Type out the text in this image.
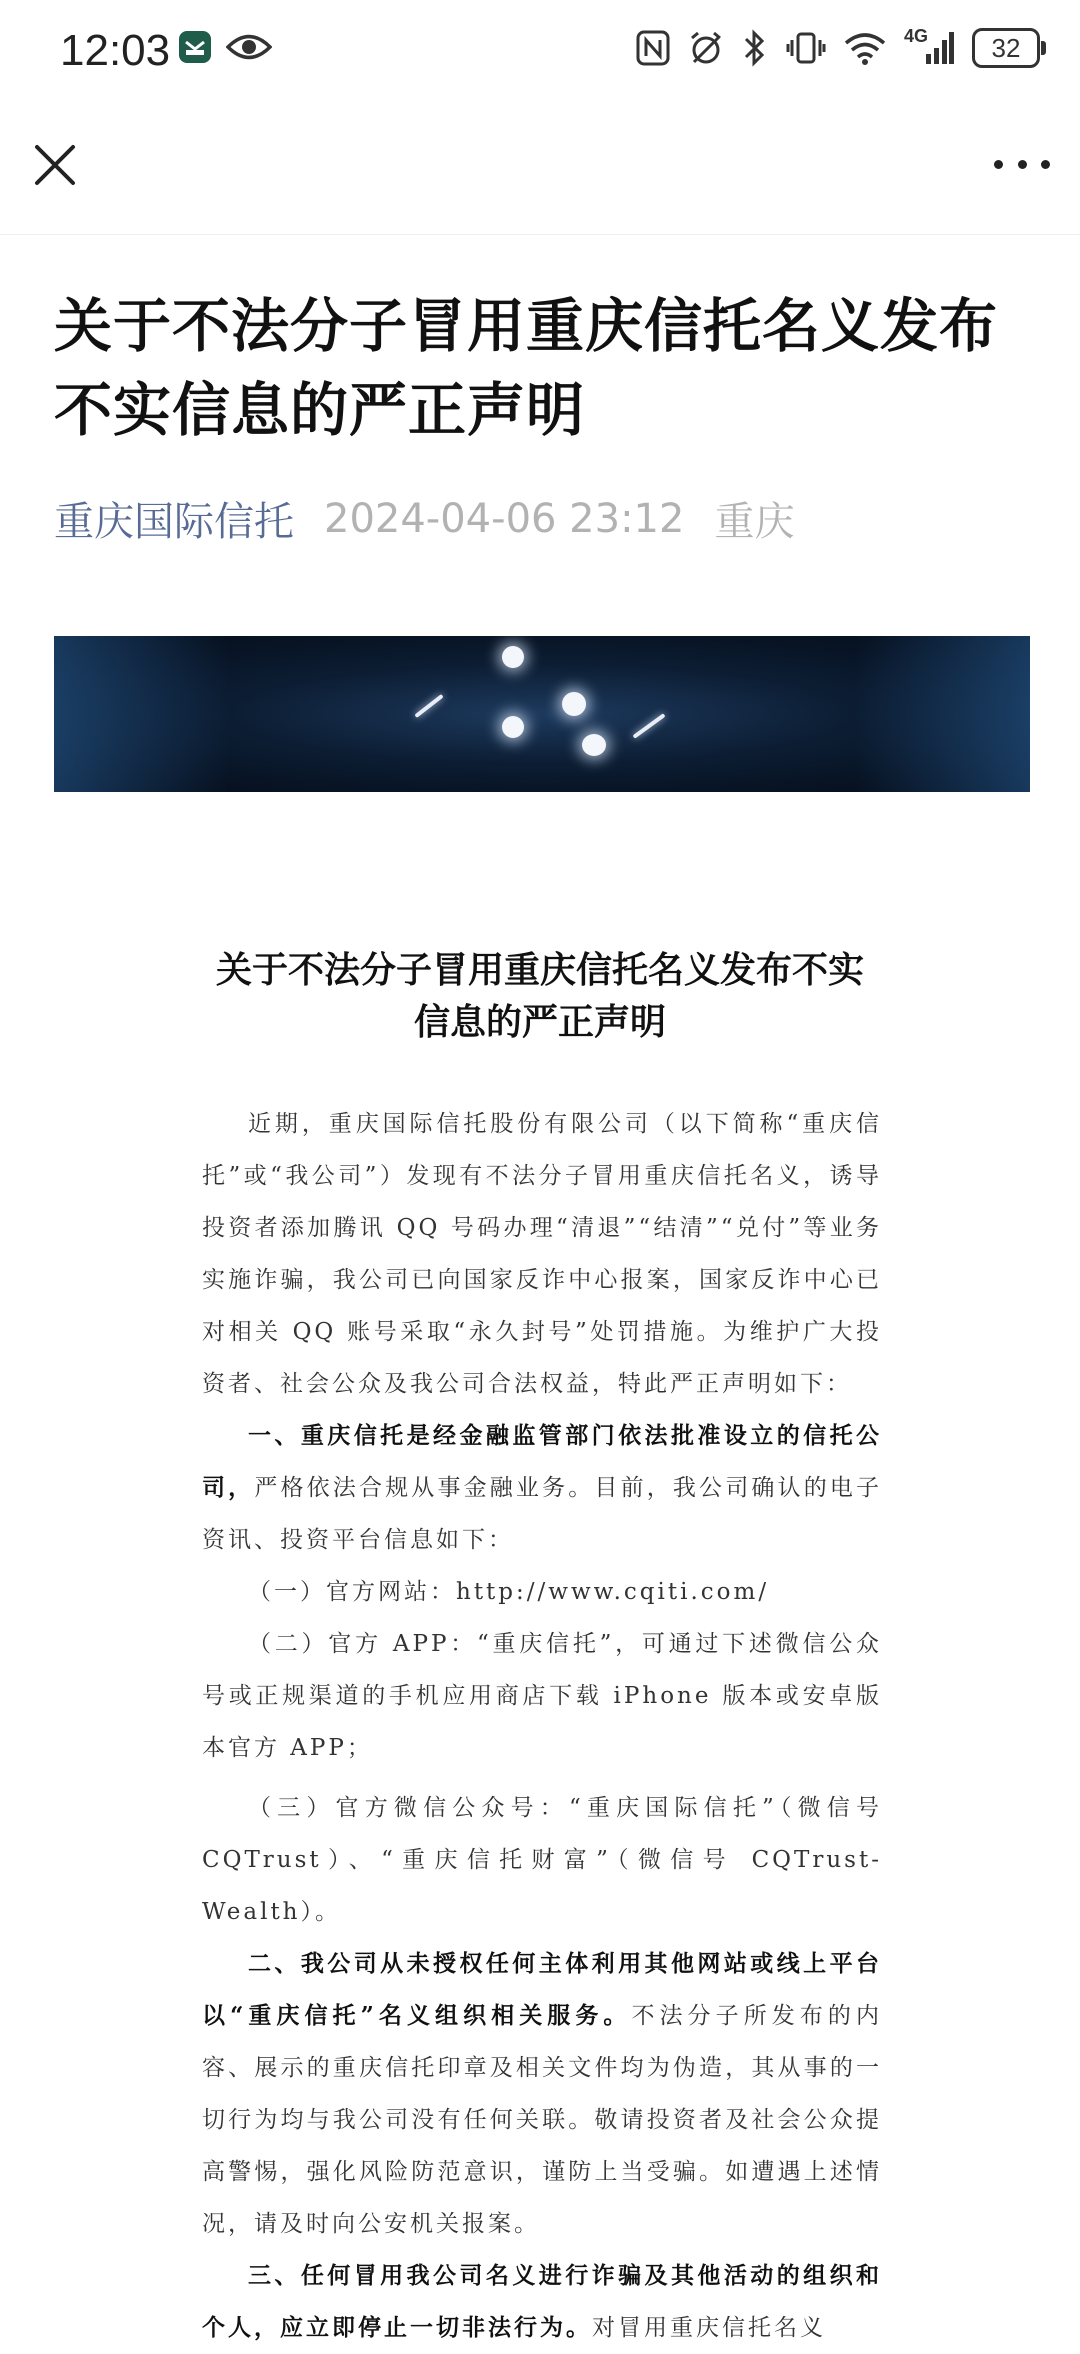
12:03	4G 32
关于不法分子冒用重庆信托名义发布不实信息的严正声明
重庆国际信托 2024-04-06 23:12 重庆
关于不法分子冒用重庆信托名义发布不实
信息的严正声明

近期，重庆国际信托股份有限公司（以下简称“重庆信托”或“我公司”）发现有不法分子冒用重庆信托名义，诱导投资者添加腾讯 QQ 号码办理“清退”“结清”“兑付”等业务实施诈骗，我公司已向国家反诈中心报案，国家反诈中心已对相关 QQ 账号采取“永久封号”处罚措施。为维护广大投资者、社会公众及我公司合法权益，特此严正声明如下：

一、重庆信托是经金融监管部门依法批准设立的信托公司，严格依法合规从事金融业务。目前，我公司确认的电子资讯、投资平台信息如下：

（一）官方网站：http://www.cqiti.com/

（二）官方 APP：“重庆信托”，可通过下述微信公众号或正规渠道的手机应用商店下载 iPhone 版本或安卓版本官方 APP；

（三）官方微信公众号：“重庆国际信托”（微信号 CQTrust）、“重庆信托财富”（微信号 CQTrust-Wealth）。

二、我公司从未授权任何主体利用其他网站或线上平台以“重庆信托”名义组织相关服务。不法分子所发布的内容、展示的重庆信托印章及相关文件均为伪造，其从事的一切行为均与我公司没有任何关联。敬请投资者及社会公众提高警惕，强化风险防范意识，谨防上当受骗。如遭遇上述情况，请及时向公安机关报案。

三、任何冒用我公司名义进行诈骗及其他活动的组织和个人，应立即停止一切非法行为。对冒用重庆信托名义
